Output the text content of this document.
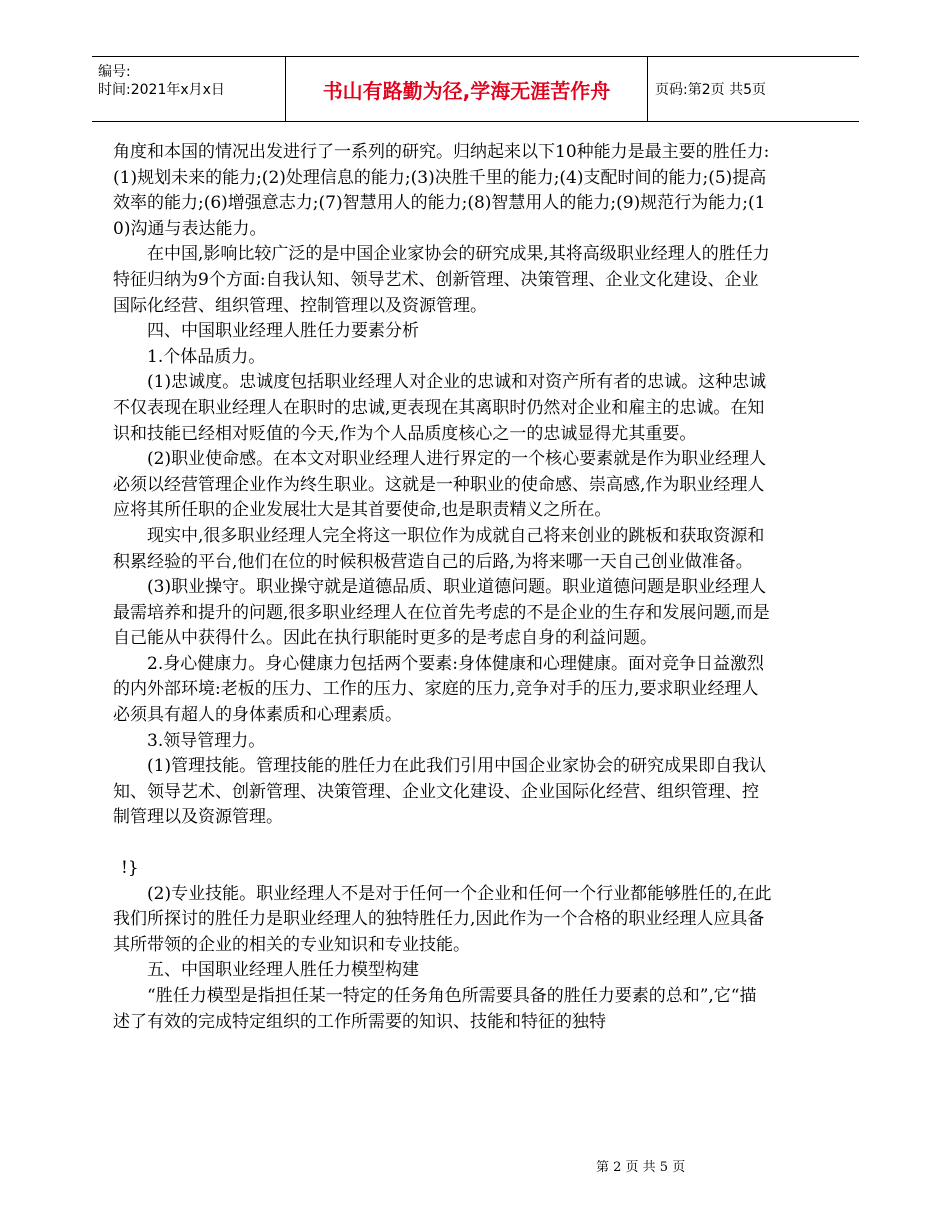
编号:
时间:2021年x月x日	书山有路勤为径,学海无涯苦作舟	页码:第2页 共5页

角度和本国的情况出发进行了一系列的研究。归纳起来以下10种能力是最主要的胜任力:(1)规划未来的能力;(2)处理信息的能力;(3)决胜千里的能力;(4)支配时间的能力;(5)提高效率的能力;(6)增强意志力;(7)智慧用人的能力;(8)智慧用人的能力;(9)规范行为能力;(10)沟通与表达能力。

在中国,影响比较广泛的是中国企业家协会的研究成果,其将高级职业经理人的胜任力特征归纳为9个方面:自我认知、领导艺术、创新管理、决策管理、企业文化建设、企业国际化经营、组织管理、控制管理以及资源管理。

四、中国职业经理人胜任力要素分析

1.个体品质力。

(1)忠诚度。忠诚度包括职业经理人对企业的忠诚和对资产所有者的忠诚。这种忠诚不仅表现在职业经理人在职时的忠诚,更表现在其离职时仍然对企业和雇主的忠诚。在知识和技能已经相对贬值的今天,作为个人品质度核心之一的忠诚显得尤其重要。

(2)职业使命感。在本文对职业经理人进行界定的一个核心要素就是作为职业经理人必须以经营管理企业作为终生职业。这就是一种职业的使命感、崇高感,作为职业经理人应将其所任职的企业发展壮大是其首要使命,也是职责精义之所在。

现实中,很多职业经理人完全将这一职位作为成就自己将来创业的跳板和获取资源和积累经验的平台,他们在位的时候积极营造自己的后路,为将来哪一天自己创业做准备。

(3)职业操守。职业操守就是道德品质、职业道德问题。职业道德问题是职业经理人最需培养和提升的问题,很多职业经理人在位首先考虑的不是企业的生存和发展问题,而是自己能从中获得什么。因此在执行职能时更多的是考虑自身的利益问题。

2.身心健康力。身心健康力包括两个要素:身体健康和心理健康。面对竞争日益激烈的内外部环境:老板的压力、工作的压力、家庭的压力,竞争对手的压力,要求职业经理人必须具有超人的身体素质和心理素质。

3.领导管理力。

(1)管理技能。管理技能的胜任力在此我们引用中国企业家协会的研究成果即自我认知、领导艺术、创新管理、决策管理、企业文化建设、企业国际化经营、组织管理、控制管理以及资源管理。

!}

(2)专业技能。职业经理人不是对于任何一个企业和任何一个行业都能够胜任的,在此我们所探讨的胜任力是职业经理人的独特胜任力,因此作为一个合格的职业经理人应具备其所带领的企业的相关的专业知识和专业技能。

五、中国职业经理人胜任力模型构建

“胜任力模型是指担任某一特定的任务角色所需要具备的胜任力要素的总和”,它“描述了有效的完成特定组织的工作所需要的知识、技能和特征的独特

第 2 页 共 5 页
